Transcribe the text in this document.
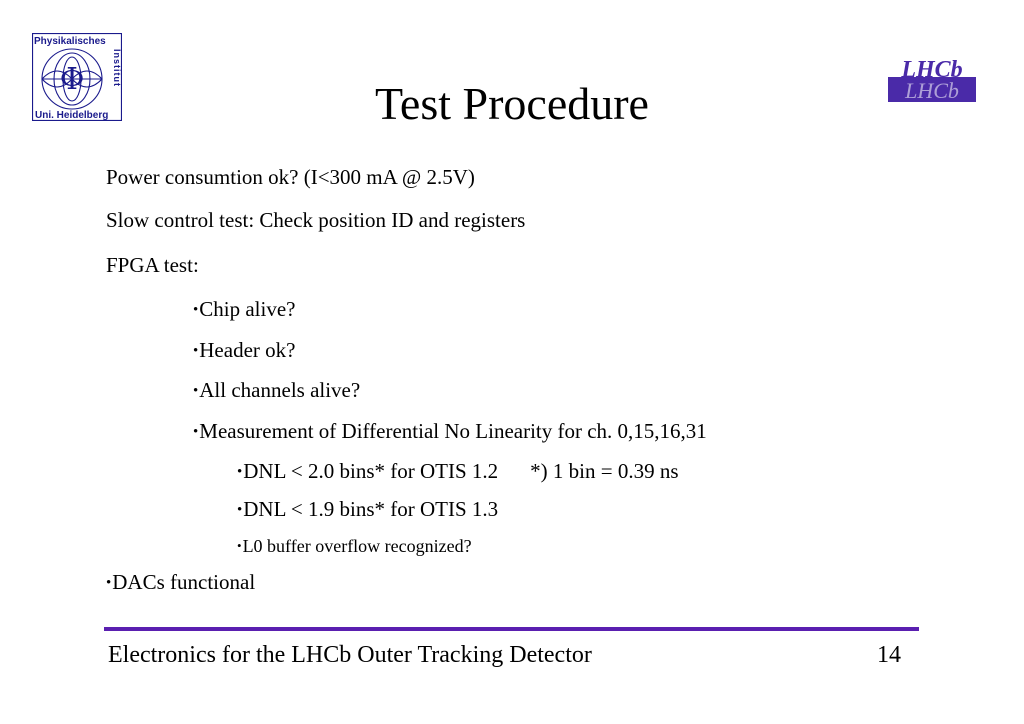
Physikalisches
Uni. Heidelberg
Institut
Φ	LHCb
LHCb
Test Procedure
Power consumtion ok? (I<300 mA @ 2.5V)
Slow control test: Check position ID and registers
FPGA test:
•Chip alive?
•Header ok?
•All channels alive?
•Measurement of Differential No Linearity for ch. 0,15,16,31
•DNL < 2.0 bins* for OTIS 1.2 *) 1 bin = 0.39 ns
•DNL < 1.9 bins* for OTIS 1.3
•L0 buffer overflow recognized?
•DACs functional
Electronics for the LHCb Outer Tracking Detector	14
